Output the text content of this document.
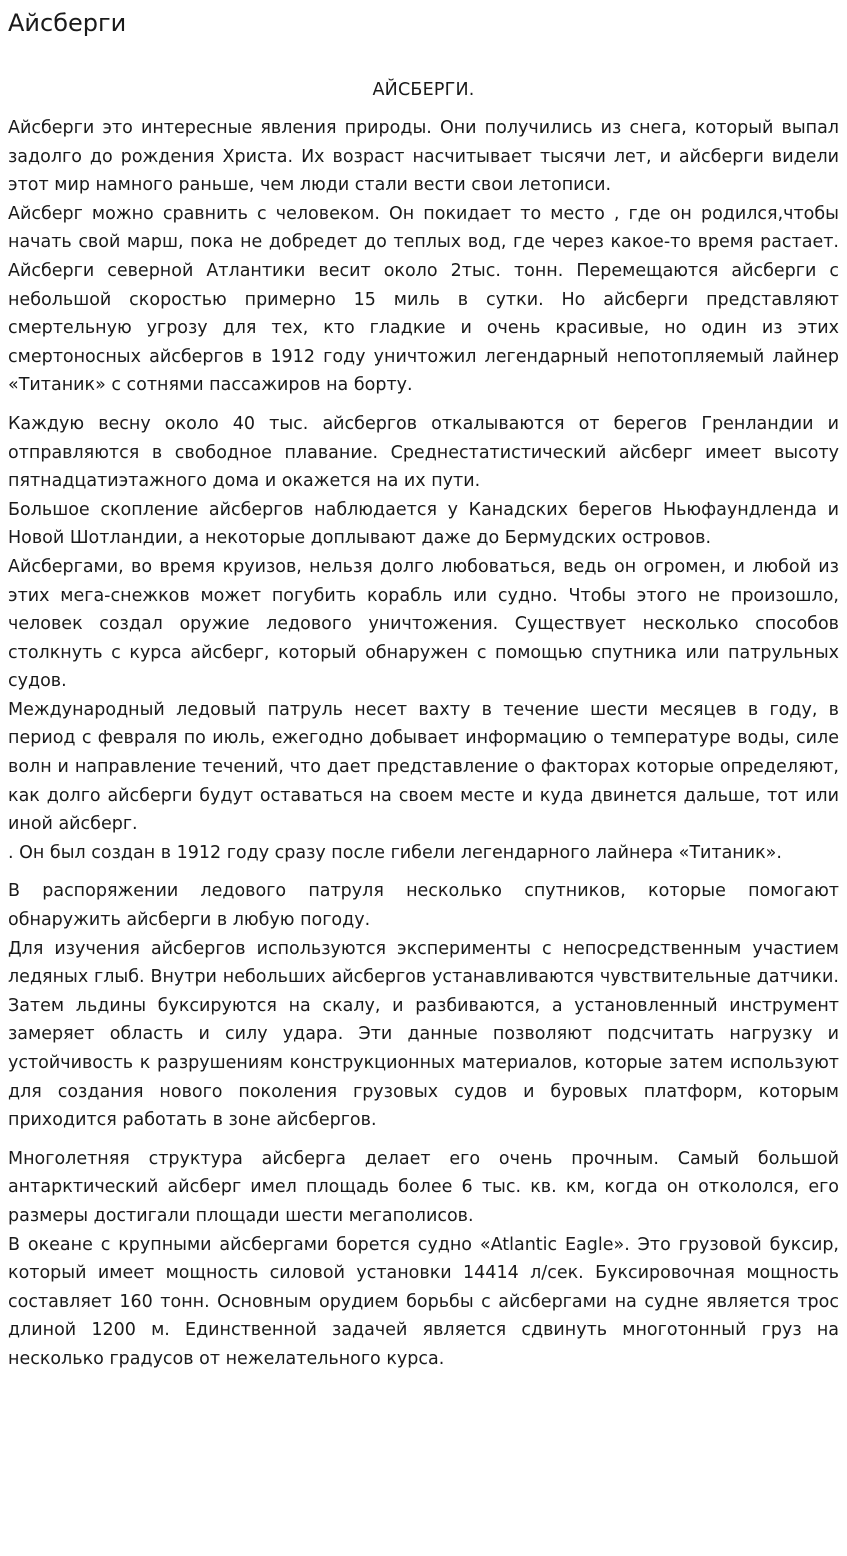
Айсберги
АЙСБЕРГИ.

Айсберги это интересные явления природы. Они получились из снега, который выпал задолго до рождения Христа. Их возраст насчитывает тысячи лет, и айсберги видели этот мир намного раньше, чем люди стали вести свои летописи.

Айсберг можно сравнить с человеком. Он покидает то место , где он родился,чтобы начать свой марш, пока не добредет до теплых вод, где через какое-то время растает. Айсберги северной Атлантики весит около 2тыс. тонн. Перемещаются айсберги с небольшой скоростью примерно 15 миль в сутки. Но айсберги представляют смертельную угрозу для тех, кто гладкие и очень красивые, но один из этих смертоносных айсбергов в 1912 году уничтожил легендарный непотопляемый лайнер «Титаник» с сотнями пассажиров на борту.

Каждую весну около 40 тыс. айсбергов откалываются от берегов Гренландии и отправляются в свободное плавание. Среднестатистический айсберг имеет высоту пятнадцатиэтажного дома и окажется на их пути.

Большое скопление айсбергов наблюдается у Канадских берегов Ньюфаундленда и Новой Шотландии, а некоторые доплывают даже до Бермудских островов.

Айсбергами, во время круизов, нельзя долго любоваться, ведь он огромен, и любой из этих мега-снежков может погубить корабль или судно. Чтобы этого не произошло, человек создал оружие ледового уничтожения. Существует несколько способов столкнуть с курса айсберг, который обнаружен с помощью спутника или патрульных судов.

Международный ледовый патруль несет вахту в течение шести месяцев в году, в период с февраля по июль, ежегодно добывает информацию о температуре воды, силе волн и направление течений, что дает представление о факторах которые определяют, как долго айсберги будут оставаться на своем месте и куда двинется дальше, тот или иной айсберг.

. Он был создан в 1912 году сразу после гибели легендарного лайнера «Титаник».

В распоряжении ледового патруля несколько спутников, которые помогают обнаружить айсберги в любую погоду.

Для изучения айсбергов используются эксперименты с непосредственным участием ледяных глыб. Внутри небольших айсбергов устанавливаются чувствительные датчики. Затем льдины буксируются на скалу, и разбиваются, а установленный инструмент замеряет область и силу удара. Эти данные позволяют подсчитать нагрузку и устойчивость к разрушениям конструкционных материалов, которые затем используют для создания нового поколения грузовых судов и буровых платформ, которым приходится работать в зоне айсбергов.

Многолетняя структура айсберга делает его очень прочным. Самый большой антарктический айсберг имел площадь более 6 тыс. кв. км, когда он откололся, его размеры достигали площади шести мегаполисов.

В океане с крупными айсбергами борется судно «Atlantic Eagle». Это грузовой буксир, который имеет мощность силовой установки 14414 л/сек. Буксировочная мощность составляет 160 тонн. Основным орудием борьбы с айсбергами на судне является трос длиной 1200 м. Единственной задачей является сдвинуть многотонный груз на несколько градусов от нежелательного курса.
